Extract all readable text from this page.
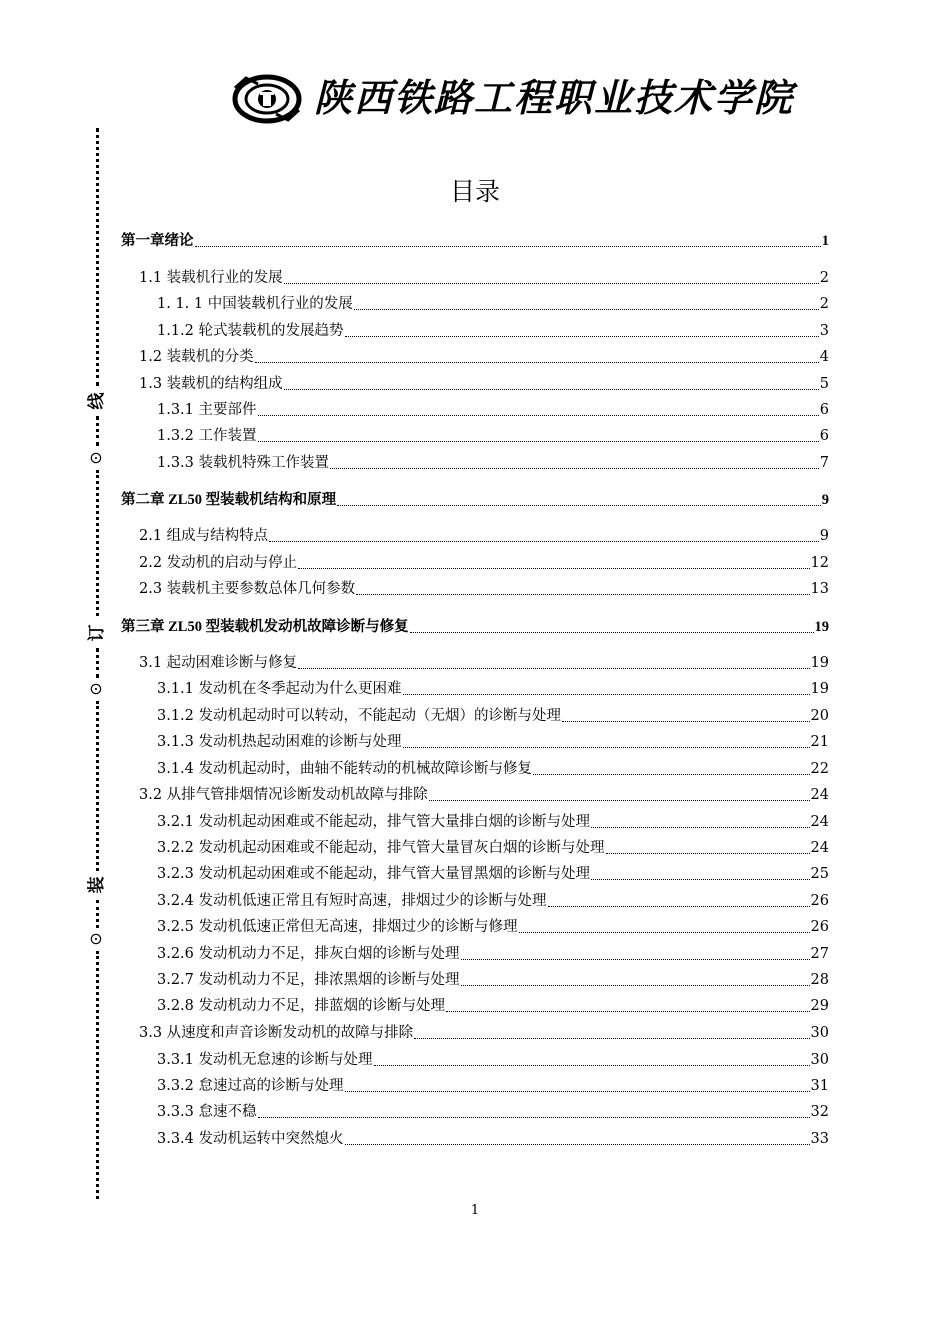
陕西铁路工程职业技术学院
线
⊙
订
⊙
装
⊙
目录
第一章绪论	1
1.1 装载机行业的发展	2
1. 1. 1 中国装载机行业的发展	2
1.1.2 轮式装载机的发展趋势	3
1.2 装载机的分类	4
1.3 装载机的结构组成	5
1.3.1 主要部件	6
1.3.2 工作装置	6
1.3.3 装载机特殊工作装置	7
第二章 ZL50 型装载机结构和原理	9
2.1 组成与结构特点	9
2.2 发动机的启动与停止	12
2.3 装载机主要参数总体几何参数	13
第三章 ZL50 型装载机发动机故障诊断与修复	19
3.1 起动困难诊断与修复	19
3.1.1 发动机在冬季起动为什么更困难	19
3.1.2 发动机起动时可以转动，不能起动（无烟）的诊断与处理	20
3.1.3 发动机热起动困难的诊断与处理	21
3.1.4 发动机起动时，曲轴不能转动的机械故障诊断与修复	22
3.2 从排气管排烟情况诊断发动机故障与排除	24
3.2.1 发动机起动困难或不能起动，排气管大量排白烟的诊断与处理	24
3.2.2 发动机起动困难或不能起动，排气管大量冒灰白烟的诊断与处理	24
3.2.3 发动机起动困难或不能起动，排气管大量冒黑烟的诊断与处理	25
3.2.4 发动机低速正常且有短时高速，排烟过少的诊断与处理	26
3.2.5 发动机低速正常但无高速，排烟过少的诊断与修理	26
3.2.6 发动机动力不足，排灰白烟的诊断与处理	27
3.2.7 发动机动力不足，排浓黑烟的诊断与处理	28
3.2.8 发动机动力不足，排蓝烟的诊断与处理	29
3.3 从速度和声音诊断发动机的故障与排除	30
3.3.1 发动机无怠速的诊断与处理	30
3.3.2 怠速过高的诊断与处理	31
3.3.3 怠速不稳	32
3.3.4 发动机运转中突然熄火	33
1
